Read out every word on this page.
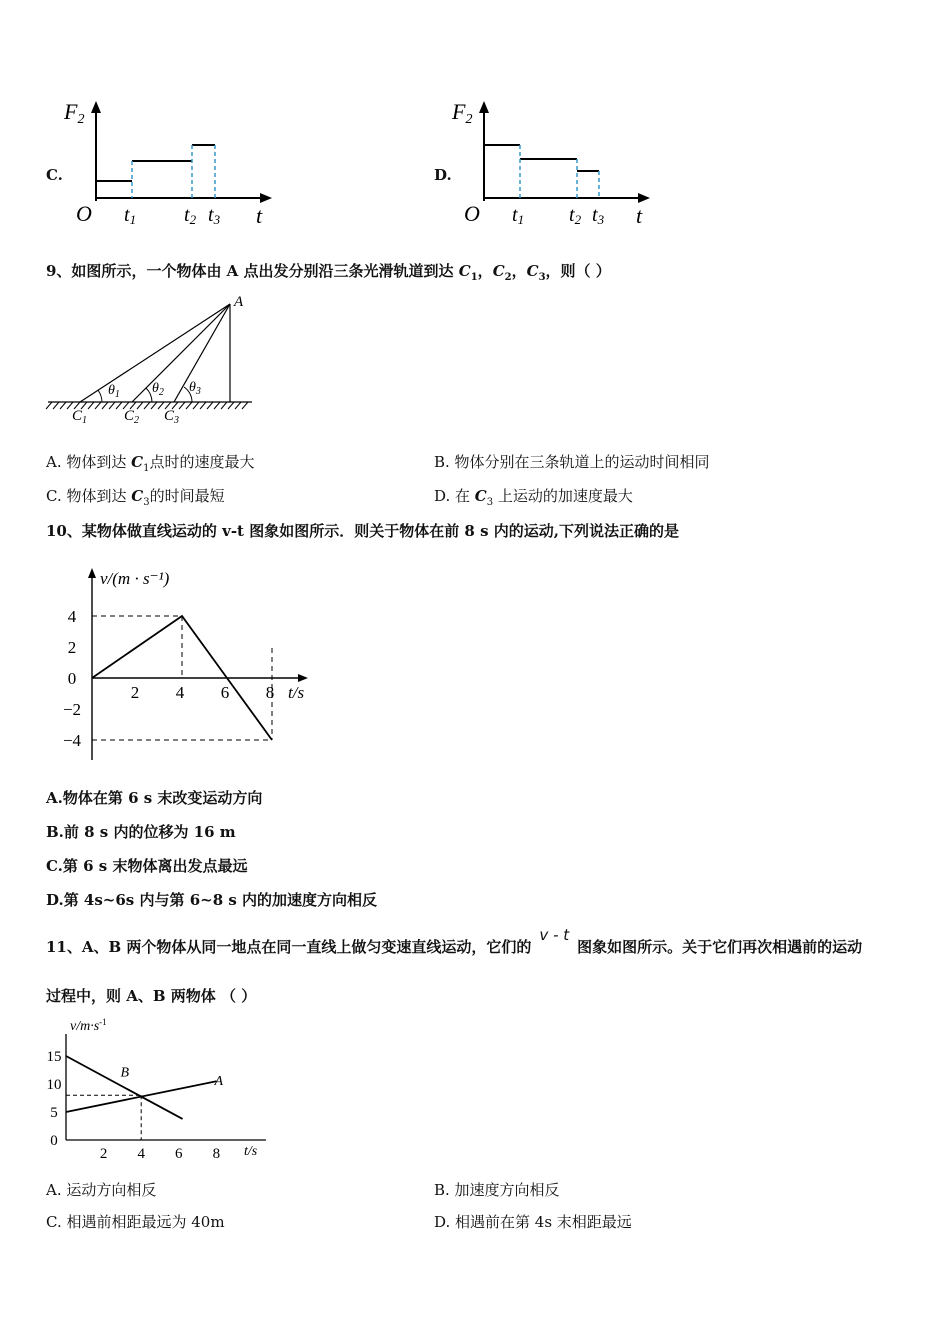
C.
F2
O	t
t1 t2 t3
D.
F2
O	t
t1 t2 t3
9、如图所示，一个物体由 A 点出发分别沿三条光滑轨道到达 $C_1$，$C_2$，$C_3$，则（ ）
A
$\theta_1$ $\theta_2$ $\theta_3$
$C_1$ $C_2$ $C_3$
A. 物体到达 $C_1$点时的速度最大	B. 物体分别在三条轨道上的运动时间相同
C. 物体到达 $C_3$的时间最短	D. 在 $C_3$ 上运动的加速度最大
10、某物体做直线运动的 v-t 图象如图所示．则关于物体在前 8 s 内的运动,下列说法正确的是
v/(m · s⁻¹)
t/s
4
2
0
−2
−4
2 4 6 8
A.物体在第 6 s 末改变运动方向
B.前 8 s 内的位移为 16 m
C.第 6 s 末物体离出发点最远
D.第 4s~6s 内与第 6~8 s 内的加速度方向相反
11、A、B 两个物体从同一地点在同一直线上做匀变速直线运动，它们的v - t图象如图所示。关于它们再次相遇前的运动
过程中，则 A、B 两物体 （ ）
$v/m\cdot s^{-1}$
t/s
15
10
5
0
2 4 6 8
A
B
A. 运动方向相反	B. 加速度方向相反
C. 相遇前相距最远为 40m	D. 相遇前在第 4s 末相距最远
